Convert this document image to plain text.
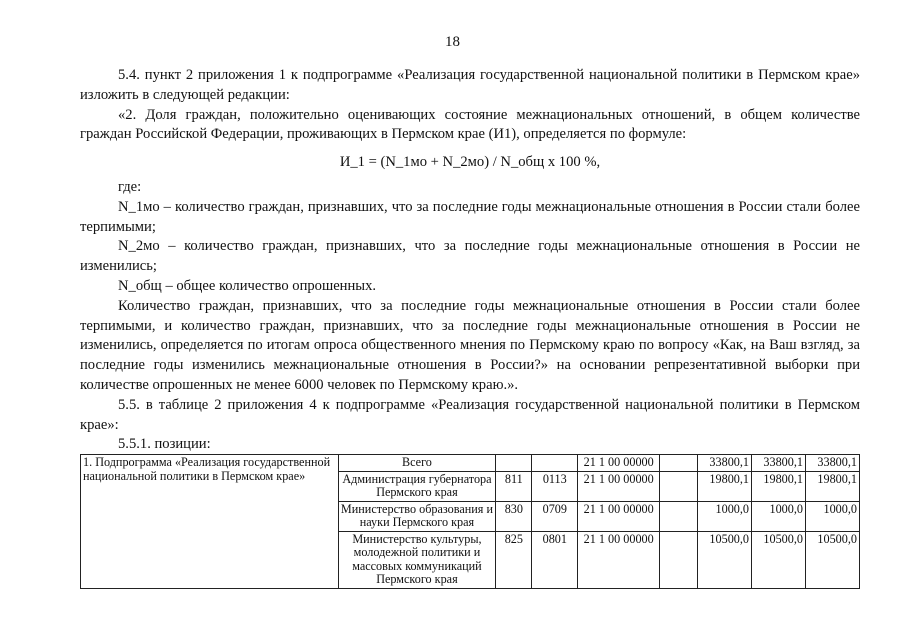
18

5.4. пункт 2 приложения 1 к подпрограмме «Реализация государственной национальной политики в Пермском крае» изложить в следующей редакции:

«2. Доля граждан, положительно оценивающих состояние межнациональных отношений, в общем количестве граждан Российской Федерации, проживающих в Пермском крае (И1), определяется по формуле:

И_1 = (N_1мо + N_2мо) / N_общ x 100 %,

где:

N_1мо – количество граждан, признавших, что за последние годы межнациональные отношения в России стали более терпимыми;

N_2мо – количество граждан, признавших, что за последние годы межнациональные отношения в России не изменились;

N_общ – общее количество опрошенных.

Количество граждан, признавших, что за последние годы межнациональные отношения в России стали более терпимыми, и количество граждан, признавших, что за последние годы межнациональные отношения в России не изменились, определяется по итогам опроса общественного мнения по Пермскому краю по вопросу «Как, на Ваш взгляд, за последние годы изменились межнациональные отношения в России?» на основании репрезентативной выборки при количестве опрошенных не менее 6000 человек по Пермскому краю.».

5.5. в таблице 2 приложения 4 к подпрограмме «Реализация государственной национальной политики в Пермском крае»:

5.5.1. позиции:

1. Подпрограмма «Реализация государственной национальной политики в Пермском крае»	Всего			21 1 00 00000		33800,1	33800,1	33800,1
	Администрация губернатора Пермского края	811	0113	21 1 00 00000		19800,1	19800,1	19800,1
	Министерство образования и науки Пермского края	830	0709	21 1 00 00000		1000,0	1000,0	1000,0
	Министерство культуры, молодежной политики и массовых коммуникаций Пермского края	825	0801	21 1 00 00000		10500,0	10500,0	10500,0
